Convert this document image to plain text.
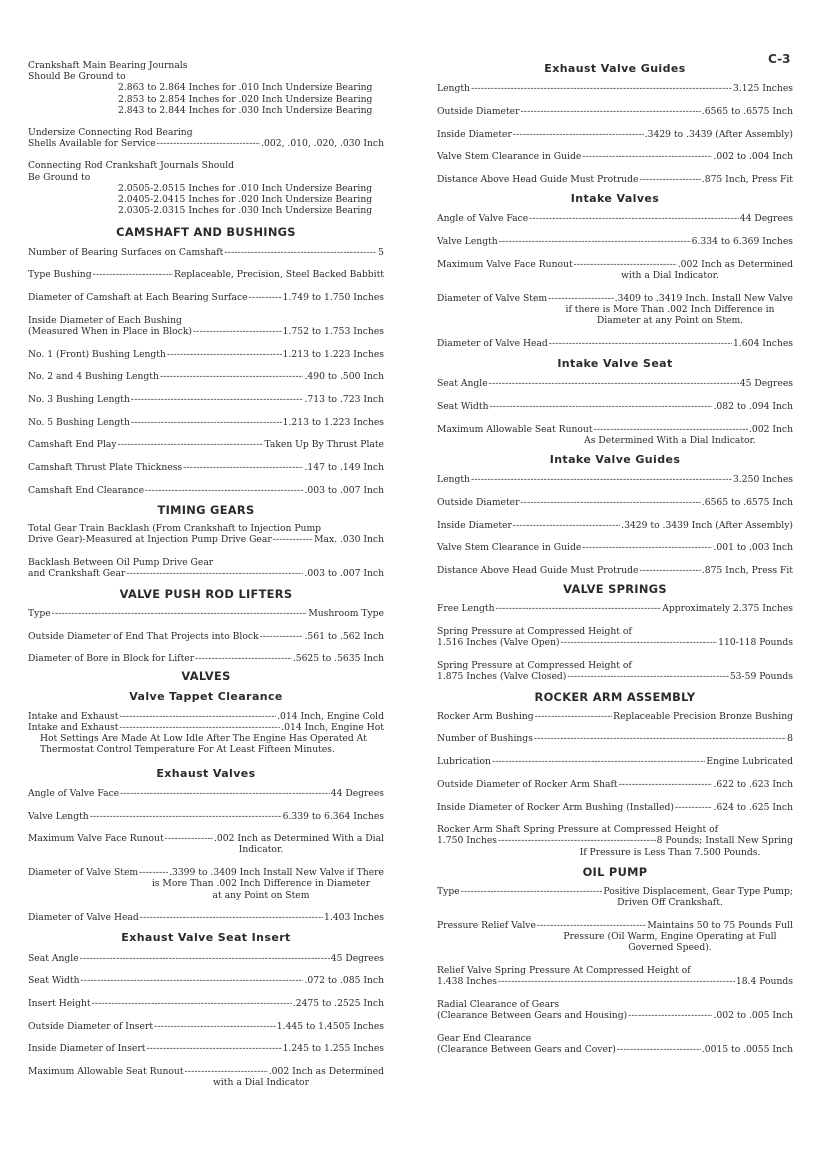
C-3
Crankshaft Main Bearing Journals
Should Be Ground to
2.863 to 2.864 Inches for .010 Inch Undersize Bearing
2.853 to 2.854 Inches for .020 Inch Undersize Bearing
2.843 to 2.844 Inches for .030 Inch Undersize Bearing
Undersize Connecting Rod Bearing
Shells Available for Service -----	.002, .010, .020, .030 Inch
Connecting Rod Crankshaft Journals Should
Be Ground to
2.0505-2.0515 Inches for .010 Inch Undersize Bearing
2.0405-2.0415 Inches for .020 Inch Undersize Bearing
2.0305-2.0315 Inches for .030 Inch Undersize Bearing
CAMSHAFT AND BUSHINGS
Number of Bearing Surfaces on Camshaft -----	5
Type Bushing -----	Replaceable, Precision, Steel Backed Babbitt
Diameter of Camshaft at Each Bearing Surface -----	1.749 to 1.750 Inches
Inside Diameter of Each Bushing
(Measured When in Place in Block) -----	1.752 to 1.753 Inches
No. 1 (Front) Bushing Length -----	1.213 to 1.223 Inches
No. 2 and 4 Bushing Length -----	.490 to .500 Inch
No. 3 Bushing Length -----	.713 to .723 Inch
No. 5 Bushing Length -----	1.213 to 1.223 Inches
Camshaft End Play -----	Taken Up By Thrust Plate
Camshaft Thrust Plate Thickness -----	.147 to .149 Inch
Camshaft End Clearance -----	.003 to .007 Inch
TIMING GEARS
Total Gear Train Backlash (From Crankshaft to Injection Pump
Drive Gear)-Measured at Injection Pump Drive Gear -----	Max. .030 Inch
Backlash Between Oil Pump Drive Gear
and Crankshaft Gear -----	.003 to .007 Inch
VALVE PUSH ROD LIFTERS
Type -----	Mushroom Type
Outside Diameter of End That Projects into Block -----	.561 to .562 Inch
Diameter of Bore in Block for Lifter -----	.5625 to .5635 Inch
VALVES
Valve Tappet Clearance
Intake and Exhaust -----	.014 Inch, Engine Cold
Intake and Exhaust -----	.014 Inch, Engine Hot
Hot Settings Are Made At Low Idle After The Engine Has Operated At
Thermostat Control Temperature For At Least Fifteen Minutes.
Exhaust Valves
Angle of Valve Face -----	44 Degrees
Valve Length -----	6.339 to 6.364 Inches
Maximum Valve Face Runout -----	.002 Inch as Determined With a Dial
Indicator.
Diameter of Valve Stem -----	.3399 to .3409 Inch Install New Valve if There
is More Than .002 Inch Difference in Diameter
at any Point on Stem
Diameter of Valve Head -----	1.403 Inches
Exhaust Valve Seat Insert
Seat Angle -----	45 Degrees
Seat Width -----	.072 to .085 Inch
Insert Height -----	.2475 to .2525 Inch
Outside Diameter of Insert -----	1.445 to 1.4505 Inches
Inside Diameter of Insert -----	1.245 to 1.255 Inches
Maximum Allowable Seat Runout -----	.002 Inch as Determined
with a Dial Indicator
Exhaust Valve Guides
Length -----	3.125 Inches
Outside Diameter -----	.6565 to .6575 Inch
Inside Diameter -----	.3429 to .3439 (After Assembly)
Valve Stem Clearance in Guide -----	.002 to .004 Inch
Distance Above Head Guide Must Protrude -----	.875 Inch, Press Fit
Intake Valves
Angle of Valve Face -----	44 Degrees
Valve Length -----	6.334 to 6.369 Inches
Maximum Valve Face Runout -----	.002 Inch as Determined
with a Dial Indicator.
Diameter of Valve Stem -----	.3409 to .3419 Inch. Install New Valve
if there is More Than .002 Inch Difference in
Diameter at any Point on Stem.
Diameter of Valve Head -----	1.604 Inches
Intake Valve Seat
Seat Angle -----	45 Degrees
Seat Width -----	.082 to .094 Inch
Maximum Allowable Seat Runout -----	.002 Inch
As Determined With a Dial Indicator.
Intake Valve Guides
Length -----	3.250 Inches
Outside Diameter -----	.6565 to .6575 Inch
Inside Diameter -----	.3429 to .3439 Inch (After Assembly)
Valve Stem Clearance in Guide -----	.001 to .003 Inch
Distance Above Head Guide Must Protrude -----	.875 Inch, Press Fit
VALVE SPRINGS
Free Length -----	Approximately 2.375 Inches
Spring Pressure at Compressed Height of
1.516 Inches (Valve Open) -----	110-118 Pounds
Spring Pressure at Compressed Height of
1.875 Inches (Valve Closed) -----	53-59 Pounds
ROCKER ARM ASSEMBLY
Rocker Arm Bushing -----	Replaceable Precision Bronze Bushing
Number of Bushings -----	8
Lubrication -----	Engine Lubricated
Outside Diameter of Rocker Arm Shaft -----	.622 to .623 Inch
Inside Diameter of Rocker Arm Bushing (Installed) -----	.624 to .625 Inch
Rocker Arm Shaft Spring Pressure at Compressed Height of
1.750 Inches -----	8 Pounds; Install New Spring
If Pressure is Less Than 7.500 Pounds.
OIL PUMP
Type -----	Positive Displacement, Gear Type Pump;
Driven Off Crankshaft.
Pressure Relief Valve -----	Maintains 50 to 75 Pounds Full
Pressure (Oil Warm, Engine Operating at Full
Governed Speed).
Relief Valve Spring Pressure At Compressed Height of
1.438 Inches -----	18.4 Pounds
Radial Clearance of Gears
(Clearance Between Gears and Housing) -----	.002 to .005 Inch
Gear End Clearance
(Clearance Between Gears and Cover) -----	.0015 to .0055 Inch
